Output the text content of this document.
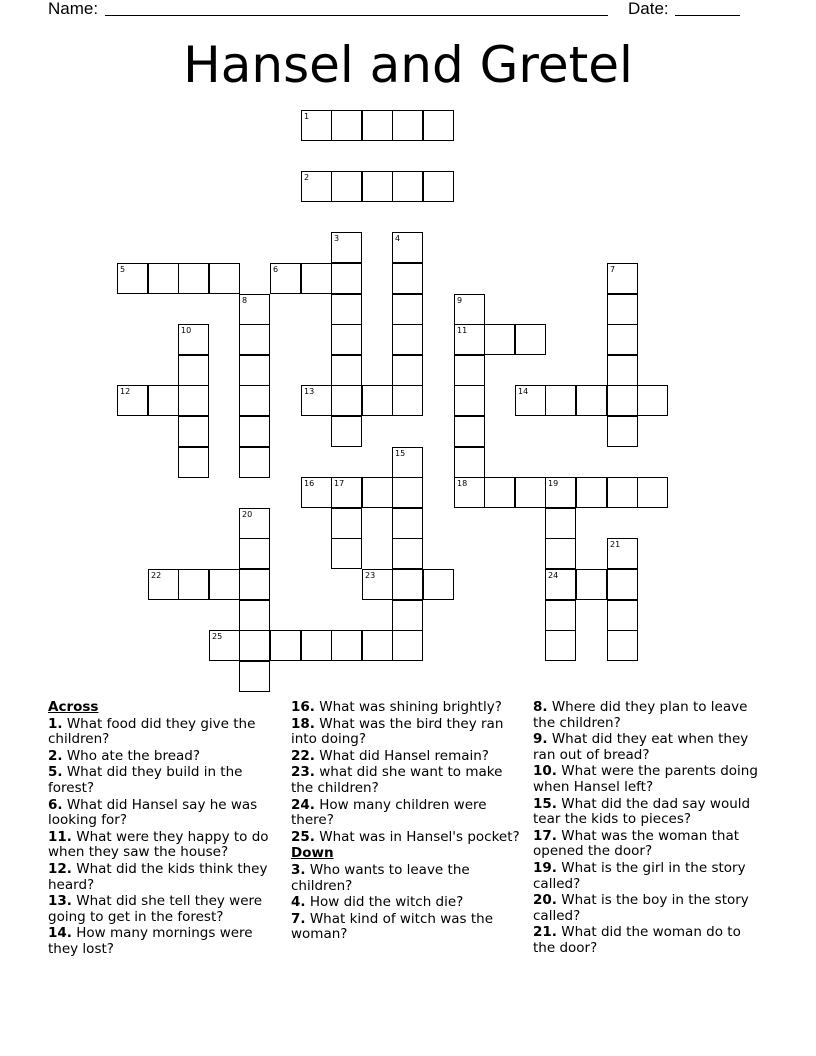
Name:	Date:
Hansel and Gretel
1
2
3	4
5	6	7
8	9
10	11
12	13	14
15
16 17	18	19
20
21
22	23	24
25
Across
1. What food did they give the children?
2. Who ate the bread?
5. What did they build in the forest?
6. What did Hansel say he was looking for?
11. What were they happy to do when they saw the house?
12. What did the kids think they heard?
13. What did she tell they were going to get in the forest?
14. How many mornings were they lost?
16. What was shining brightly?
18. What was the bird they ran into doing?
22. What did Hansel remain?
23. what did she want to make the children?
24. How many children were there?
25. What was in Hansel's pocket?
Down
3. Who wants to leave the children?
4. How did the witch die?
7. What kind of witch was the woman?
8. Where did they plan to leave the children?
9. What did they eat when they ran out of bread?
10. What were the parents doing when Hansel left?
15. What did the dad say would tear the kids to pieces?
17. What was the woman that opened the door?
19. What is the girl in the story called?
20. What is the boy in the story called?
21. What did the woman do to the door?
